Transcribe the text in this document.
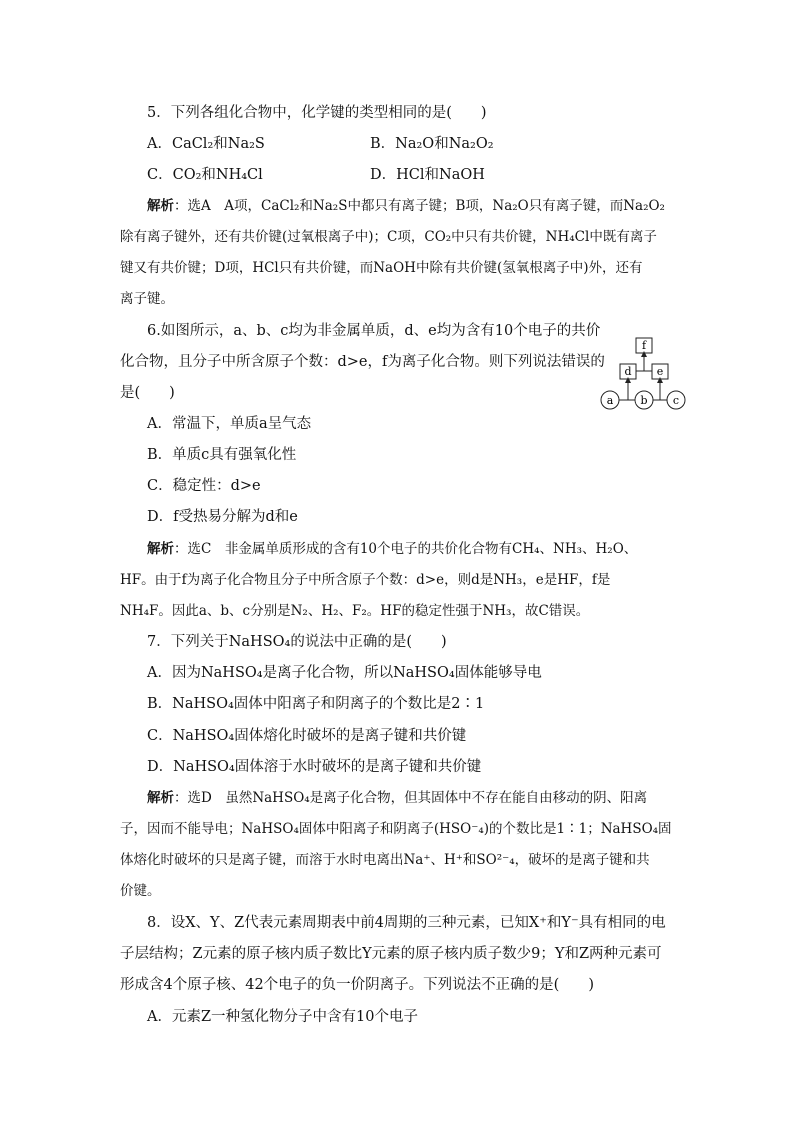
5．下列各组化合物中，化学键的类型相同的是(　　)
A．CaCl₂和Na₂S	B．Na₂O和Na₂O₂
C．CO₂和NH₄Cl	D．HCl和NaOH
解析：选A　A项，CaCl₂和Na₂S中都只有离子键；B项，Na₂O只有离子键，而Na₂O₂
除有离子键外，还有共价键(过氧根离子中)；C项，CO₂中只有共价键，NH₄Cl中既有离子
键又有共价键；D项，HCl只有共价键，而NaOH中除有共价键(氢氧根离子中)外，还有
离子键。
6.如图所示，a、b、c均为非金属单质，d、e均为含有10个电子的共价
化合物，且分子中所含原子个数：d>e，f为离子化合物。则下列说法错误的
是(　　)
f
d e
a b c
A．常温下，单质a呈气态
B．单质c具有强氧化性
C．稳定性：d>e
D．f受热易分解为d和e
解析：选C　非金属单质形成的含有10个电子的共价化合物有CH₄、NH₃、H₂O、
HF。由于f为离子化合物且分子中所含原子个数：d>e，则d是NH₃，e是HF，f是
NH₄F。因此a、b、c分别是N₂、H₂、F₂。HF的稳定性强于NH₃，故C错误。
7．下列关于NaHSO₄的说法中正确的是(　　)
A．因为NaHSO₄是离子化合物，所以NaHSO₄固体能够导电
B．NaHSO₄固体中阳离子和阴离子的个数比是2∶1
C．NaHSO₄固体熔化时破坏的是离子键和共价键
D．NaHSO₄固体溶于水时破坏的是离子键和共价键
解析：选D　虽然NaHSO₄是离子化合物，但其固体中不存在能自由移动的阴、阳离
子，因而不能导电；NaHSO₄固体中阳离子和阴离子(HSO⁻₄)的个数比是1∶1；NaHSO₄固
体熔化时破坏的只是离子键，而溶于水时电离出Na⁺、H⁺和SO²⁻₄，破坏的是离子键和共
价键。
8．设X、Y、Z代表元素周期表中前4周期的三种元素，已知X⁺和Y⁻具有相同的电
子层结构；Z元素的原子核内质子数比Y元素的原子核内质子数少9；Y和Z两种元素可
形成含4个原子核、42个电子的负一价阴离子。下列说法不正确的是(　　)
A．元素Z一种氢化物分子中含有10个电子
